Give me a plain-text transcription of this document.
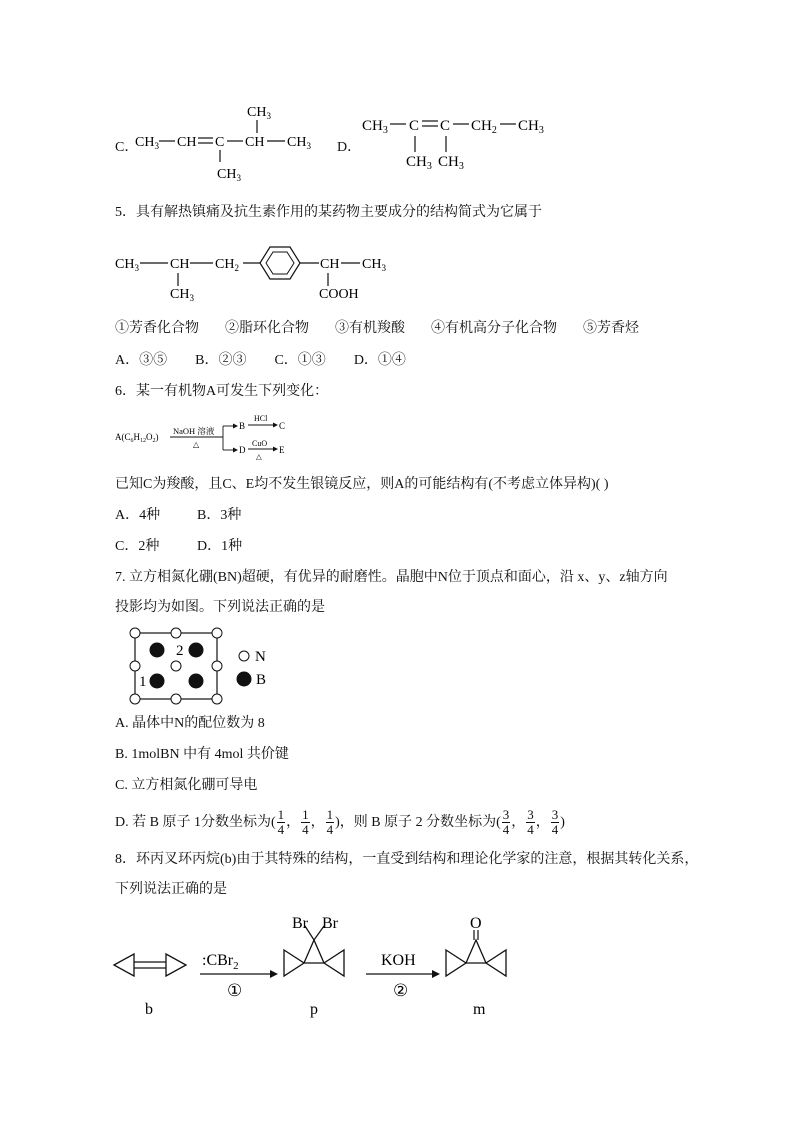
C．
$CH_3$
$CH_3$ CH C CH $CH_3$
$CH_3$
D．
$CH_3$ C C $CH_2$ $CH_3$
$CH_3$ $CH_3$
5．具有解热镇痛及抗生素作用的某药物主要成分的结构简式为它属于
$CH_3$ CH $CH_2$	CH $CH_3$
$CH_3$	COOH
①芳香化合物 ②脂环化合物 ③有机羧酸 ④有机高分子化合物 ⑤芳香烃
A．③⑤ B．②③ C．①③ D．①④
6．某一有机物A可发生下列变化：
$A(C_6H_{12}O_2)$
NaOH 溶液
△
B
HCl
C
D
CuO
△
E
已知C为羧酸，且C、E均不发生银镜反应，则A的可能结构有(不考虑立体异构)( )
A．4种	B．3种
C．2种	D．1种
7. 立方相氮化硼(BN)超硬，有优异的耐磨性。晶胞中N位于顶点和面心，沿 x、y、z轴方向
投影均为如图。下列说法正确的是
2
1
N
B
A. 晶体中N的配位数为 8
B. 1molBN 中有 4mol 共价键
C. 立方相氮化硼可导电
D. 若 B 原子 1分数坐标为( $\frac{1}{4}$ ， $\frac{1}{4}$ ， $\frac{1}{4}$ )，则 B 原子 2 分数坐标为( $\frac{3}{4}$ ， $\frac{3}{4}$ ， $\frac{3}{4}$ )
8．环丙叉环丙烷(b)由于其特殊的结构，一直受到结构和理论化学家的注意，根据其转化关系，
下列说法正确的是
b
:CBr$_2$
①
Br Br
p
KOH
②
O
m
